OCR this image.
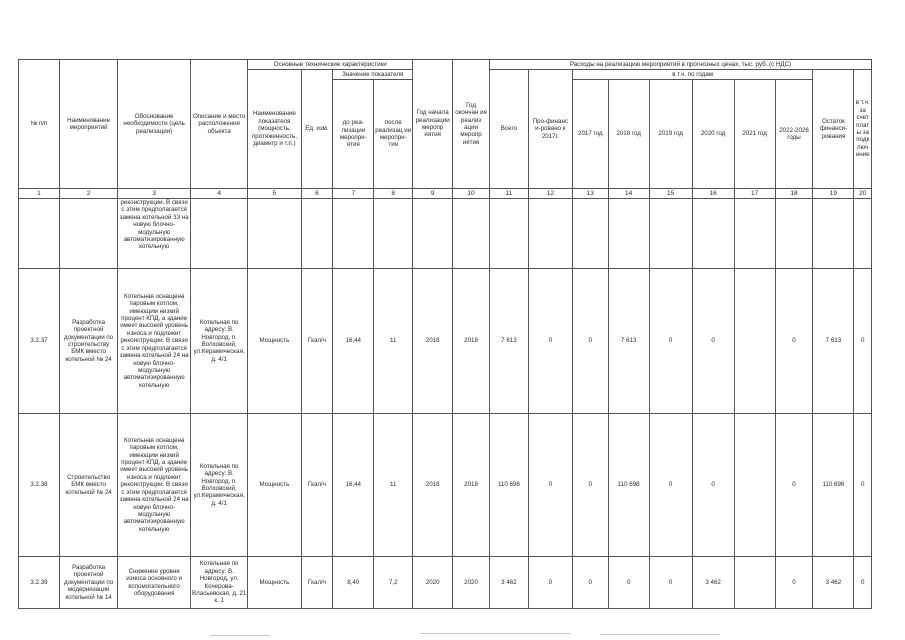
№ п/п	Наименование мероприятий	Обоснование необходимости (цель реализации)	Описание и место расположения объекта	Основные технические характеристики				Год начала реализации меропр иятия	Год окончан ия реализ ации меропр иятия	Расходы на реализацию мероприятий в прогнозных ценах, тыс. руб. (с НДС)									
				Наименование показателя (мощность, протяженность, диаметр и т.п.)	Ед. изм.	Значение показателя				Всего	Про-финанс и-ровано к 2017г.	в т.ч. по годам						Остаток финанси-рования	в т.ч. за счет платы за подключение
						до реа-лизации меропри-ятия	после реализац ии меропри-тия					2017 год	2018 год	2019 год	2020 год	2021 год	2022-2026 годы		

1	2	3	4	5	6	7	8	9	10	11	12	13	14	15	16	17	18	19	20
		реконструкции. В связи с этим предполагается замена котельной 33 на новую блочно-модульную автоматизированную котельную																	
3.2.37	Разработка проектной документации по строительству БМК вместо котельной № 24	Котельная оснащена паровым котлом, имеющим низкий процент КПД, а здание имеет высокий уровень износа и подлежит реконструкции. В связи с этим предполагается замена котельной 24 на новую блочно-модульную автоматизированную котельную	Котельная по адресу: В. Новгород, п. Волховский, ул.Керамическая, д. 4/1	Мощность	Гкал/ч	16,44	11	2018	2018	7 613	0	0	7 613	0	0		0	7 613	0
3.2.38	Строительство БМК вместо котельной № 24	Котельная оснащена паровым котлом, имеющим низкий процент КПД, а здание имеет высокий уровень износа и подлежит реконструкции. В связи с этим предполагается замена котельной 24 на новую блочно-модульную автоматизированную котельную	Котельная по адресу: В. Новгород, п. Волховский, ул.Керамическая, д. 4/1	Мощность	Гкал/ч	16,44	11	2018	2018	110 698	0	0	110 698	0	0		0	110 698	0
3.2.39	Разработка проектной документации по модернизации котельной № 14	Снижение уровня износа основного и вспомогательного оборудования	Котельная по адресу: В. Новгород, ул. Кочерова-Власьевская, д. 21 к. 1	Мощность	Гкал/ч	8,40	7,2	2020	2020	3 462	0	0	0	0	3 462		0	3 462	0
